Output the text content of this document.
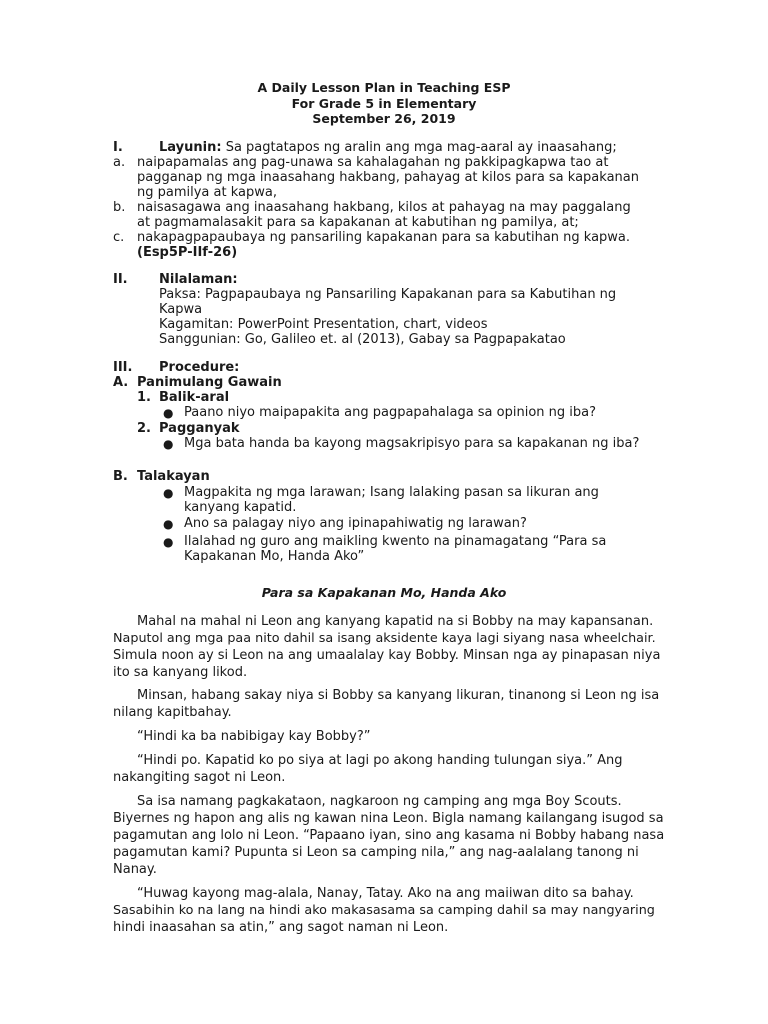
A Daily Lesson Plan in Teaching ESP
For Grade 5 in Elementary
September 26, 2019
I.	Layunin: Sa pagtatapos ng aralin ang mga mag-aaral ay inaasahang;
a. naipapamalas ang pag-unawa sa kahalagahan ng pakkipagkapwa tao at
pagganap ng mga inaasahang hakbang, pahayag at kilos para sa kapakanan
ng pamilya at kapwa,
b. naisasagawa ang inaasahang hakbang, kilos at pahayag na may paggalang
at pagmamalasakit para sa kapakanan at kabutihan ng pamilya, at;
c. nakapagpapaubaya ng pansariling kapakanan para sa kabutihan ng kapwa.
(Esp5P-IIf-26)
II. Nilalaman:
Paksa: Pagpapaubaya ng Pansariling Kapakanan para sa Kabutihan ng
Kapwa
Kagamitan: PowerPoint Presentation, chart, videos
Sanggunian: Go, Galileo et. al (2013), Gabay sa Pagpapakatao
III. Procedure:
A. Panimulang Gawain
1. Balik-aral
● Paano niyo maipapakita ang pagpapahalaga sa opinion ng iba?
2. Pagganyak
● Mga bata handa ba kayong magsakripisyo para sa kapakanan ng iba?
B. Talakayan
● Magpakita ng mga larawan; Isang lalaking pasan sa likuran ang
kanyang kapatid.
● Ano sa palagay niyo ang ipinapahiwatig ng larawan?
● Ilalahad ng guro ang maikling kwento na pinamagatang “Para sa
Kapakanan Mo, Handa Ako”
Para sa Kapakanan Mo, Handa Ako
Mahal na mahal ni Leon ang kanyang kapatid na si Bobby na may kapansanan.
Naputol ang mga paa nito dahil sa isang aksidente kaya lagi siyang nasa wheelchair.
Simula noon ay si Leon na ang umaalalay kay Bobby. Minsan nga ay pinapasan niya
ito sa kanyang likod.
Minsan, habang sakay niya si Bobby sa kanyang likuran, tinanong si Leon ng isa
nilang kapitbahay.
“Hindi ka ba nabibigay kay Bobby?”
“Hindi po. Kapatid ko po siya at lagi po akong handing tulungan siya.” Ang
nakangiting sagot ni Leon.
Sa isa namang pagkakataon, nagkaroon ng camping ang mga Boy Scouts.
Biyernes ng hapon ang alis ng kawan nina Leon. Bigla namang kailangang isugod sa
pagamutan ang lolo ni Leon. “Papaano iyan, sino ang kasama ni Bobby habang nasa
pagamutan kami? Pupunta si Leon sa camping nila,” ang nag-aalalang tanong ni
Nanay.
“Huwag kayong mag-alala, Nanay, Tatay. Ako na ang maiiwan dito sa bahay.
Sasabihin ko na lang na hindi ako makasasama sa camping dahil sa may nangyaring
hindi inaasahan sa atin,” ang sagot naman ni Leon.
